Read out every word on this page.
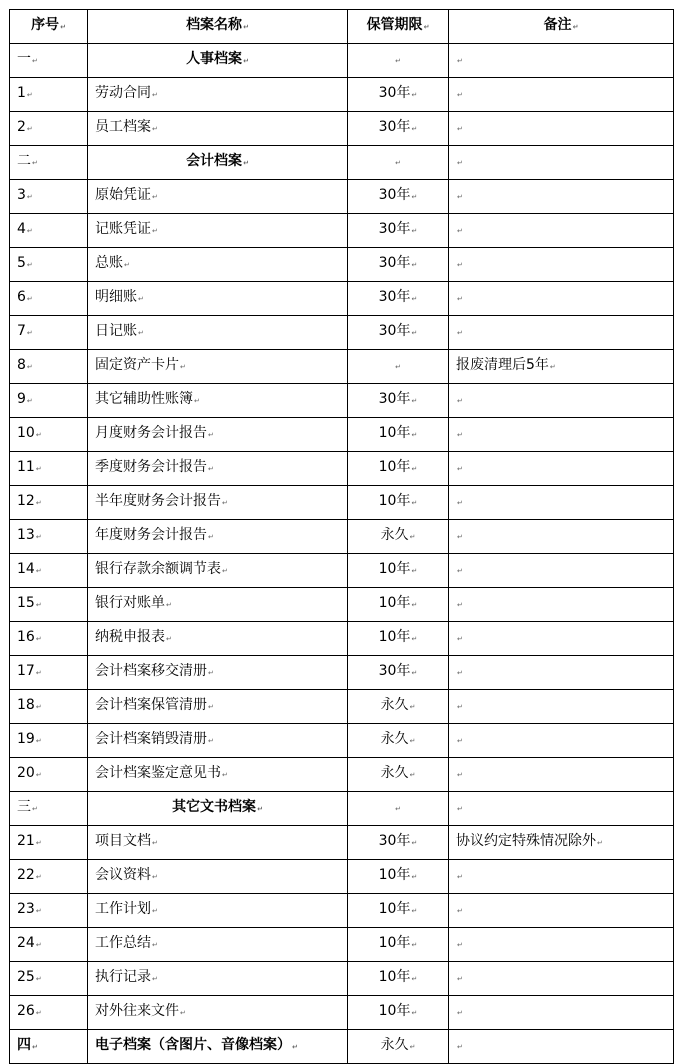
序号 ↵	档案名称 ↵	保管期限 ↵	备注 ↵
一 ↵	人事档案 ↵	↵	↵
1 ↵	劳动合同 ↵	30年 ↵	↵
2 ↵	员工档案 ↵	30年 ↵	↵
二 ↵	会计档案 ↵	↵	↵
3 ↵	原始凭证 ↵	30年 ↵	↵
4 ↵	记账凭证 ↵	30年 ↵	↵
5 ↵	总账 ↵	30年 ↵	↵
6 ↵	明细账 ↵	30年 ↵	↵
7 ↵	日记账 ↵	30年 ↵	↵
8 ↵	固定资产卡片 ↵	↵	报废清理后5年 ↵
9 ↵	其它辅助性账簿 ↵	30年 ↵	↵
10 ↵	月度财务会计报告 ↵	10年 ↵	↵
11 ↵	季度财务会计报告 ↵	10年 ↵	↵
12 ↵	半年度财务会计报告 ↵	10年 ↵	↵
13 ↵	年度财务会计报告 ↵	永久 ↵	↵
14 ↵	银行存款余额调节表 ↵	10年 ↵	↵
15 ↵	银行对账单 ↵	10年 ↵	↵
16 ↵	纳税申报表 ↵	10年 ↵	↵
17 ↵	会计档案移交清册 ↵	30年 ↵	↵
18 ↵	会计档案保管清册 ↵	永久 ↵	↵
19 ↵	会计档案销毁清册 ↵	永久 ↵	↵
20 ↵	会计档案鉴定意见书 ↵	永久 ↵	↵
三 ↵	其它文书档案 ↵	↵	↵
21 ↵	项目文档 ↵	30年 ↵	协议约定特殊情况除外 ↵
22 ↵	会议资料 ↵	10年 ↵	↵
23 ↵	工作计划 ↵	10年 ↵	↵
24 ↵	工作总结 ↵	10年 ↵	↵
25 ↵	执行记录 ↵	10年 ↵	↵
26 ↵	对外往来文件 ↵	10年 ↵	↵
四 ↵	电子档案（含图片、音像档案） ↵	永久 ↵	↵
